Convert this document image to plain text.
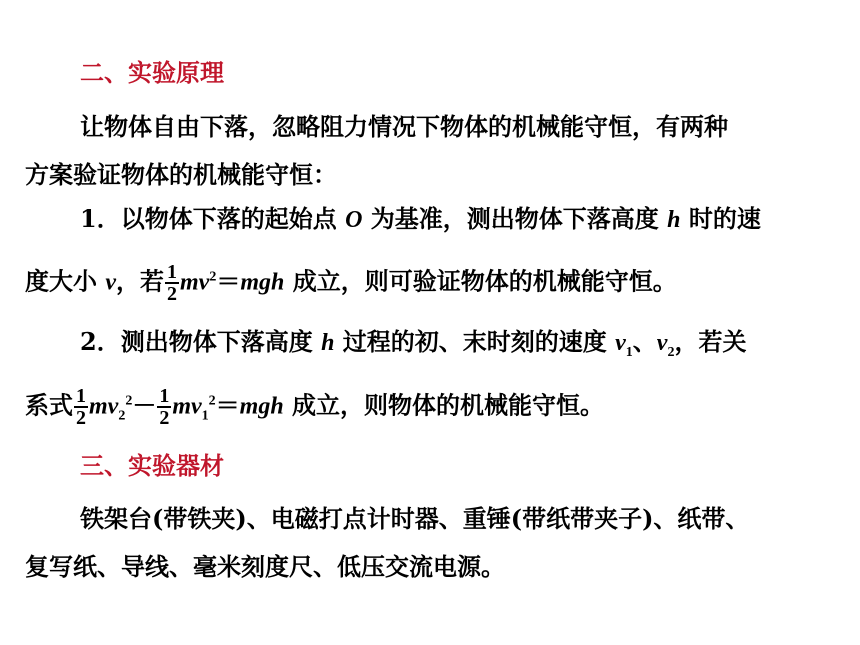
二、实验原理
让物体自由下落，忽略阻力情况下物体的机械能守恒，有两种
方案验证物体的机械能守恒：
1．以物体下落的起始点 O 为基准，测出物体下落高度 h 时的速
度大小 v，若 $\frac{1}{2} mv^2=mgh$ 成立，则可验证物体的机械能守恒。
2．测出物体下落高度 h 过程的初、末时刻的速度 $v_1$、$v_2$，若关
系式 $\frac{1}{2} mv_2^2- \frac{1}{2} mv_1^2=mgh$ 成立，则物体的机械能守恒。
三、实验器材
铁架台(带铁夹)、电磁打点计时器、重锤(带纸带夹子)、纸带、
复写纸、导线、毫米刻度尺、低压交流电源。
